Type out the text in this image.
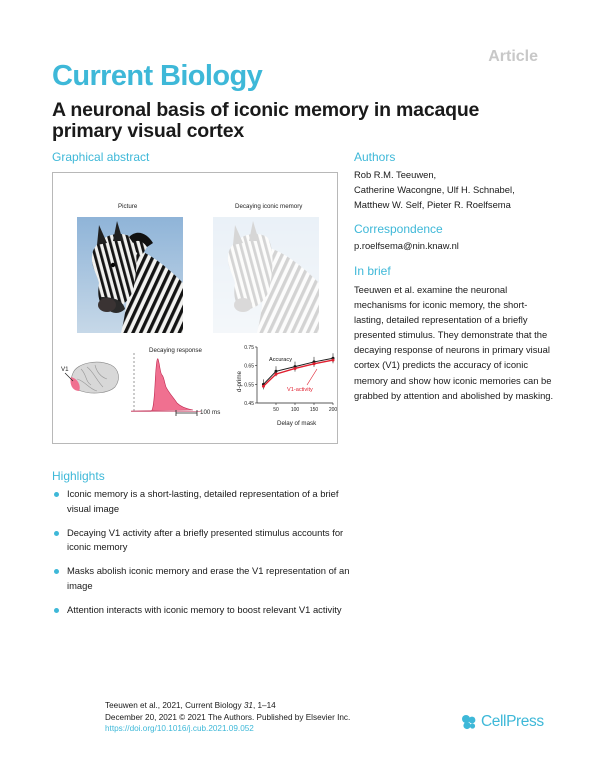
Article
Current Biology
A neuronal basis of iconic memory in macaque primary visual cortex
Graphical abstract
Picture	Decaying iconic memory
V1
Decaying response
100 ms
d-prime
Delay of mask
0.75
0.65
0.55
0.45
50 100 150 200
Accuracy
V1-activity
Authors
Rob R.M. Teeuwen,
Catherine Wacongne, Ulf H. Schnabel,
Matthew W. Self, Pieter R. Roelfsema
Correspondence
p.roelfsema@nin.knaw.nl
In brief
Teeuwen et al. examine the neuronal mechanisms for iconic memory, the short-lasting, detailed representation of a briefly presented stimulus. They demonstrate that the decaying response of neurons in primary visual cortex (V1) predicts the accuracy of iconic memory and show how iconic memories can be grabbed by attention and abolished by masking.
Highlights
Iconic memory is a short-lasting, detailed representation of a brief visual image
Decaying V1 activity after a briefly presented stimulus accounts for iconic memory
Masks abolish iconic memory and erase the V1 representation of an image
Attention interacts with iconic memory to boost relevant V1 activity
Teeuwen et al., 2021, Current Biology 31, 1–14
December 20, 2021 © 2021 The Authors. Published by Elsevier Inc.
https://doi.org/10.1016/j.cub.2021.09.052	CellPress
